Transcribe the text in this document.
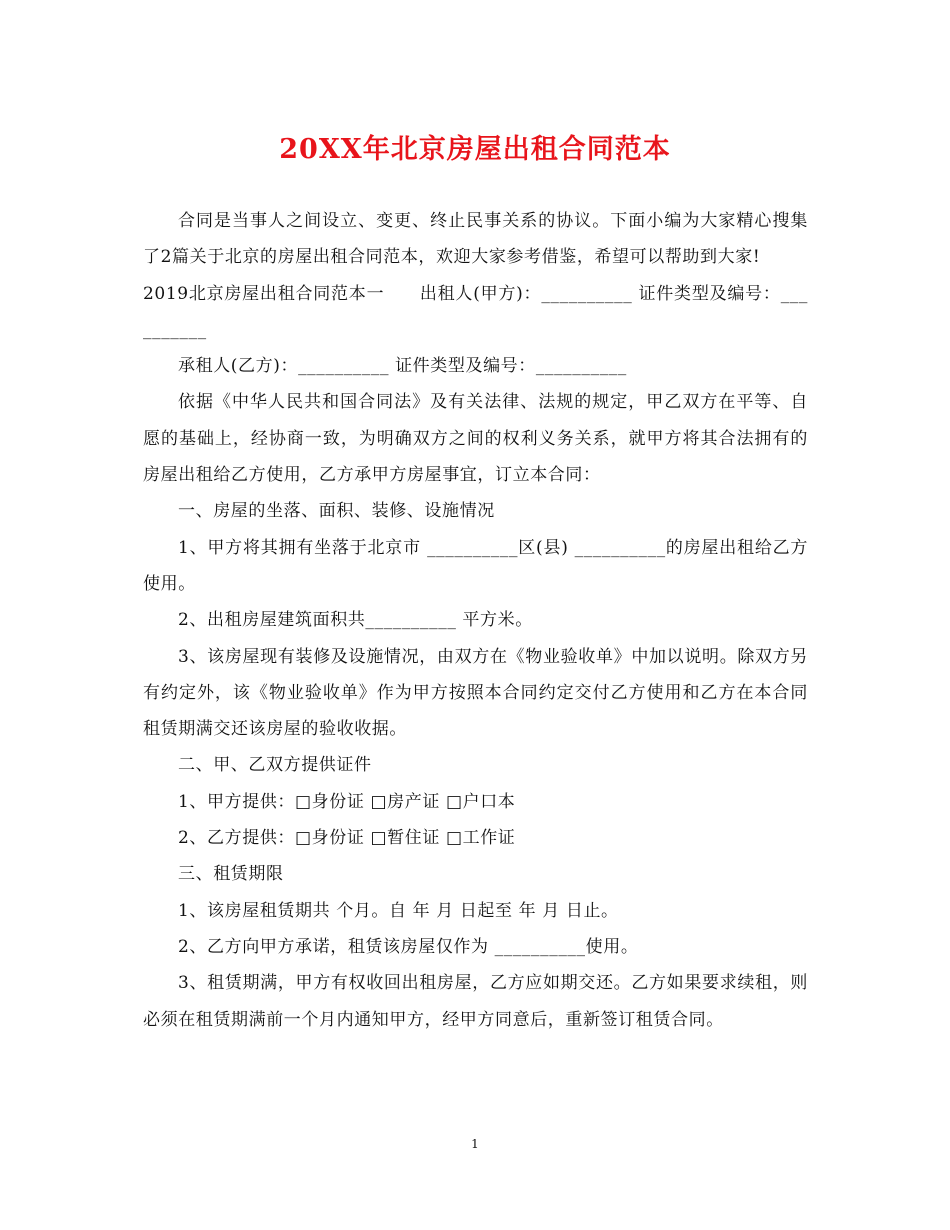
20XX年北京房屋出租合同范本

合同是当事人之间设立、变更、终止民事关系的协议。下面小编为大家精心搜集了2篇关于北京的房屋出租合同范本，欢迎大家参考借鉴，希望可以帮助到大家!

2019北京房屋出租合同范本一　　出租人(甲方)：__________ 证件类型及编号：__________

承租人(乙方)：__________ 证件类型及编号：__________

依据《中华人民共和国合同法》及有关法律、法规的规定，甲乙双方在平等、自愿的基础上，经协商一致，为明确双方之间的权利义务关系，就甲方将其合法拥有的房屋出租给乙方使用，乙方承甲方房屋事宜，订立本合同：

一、房屋的坐落、面积、装修、设施情况

1、甲方将其拥有坐落于北京市 __________区(县) __________的房屋出租给乙方使用。

2、出租房屋建筑面积共__________ 平方米。

3、该房屋现有装修及设施情况，由双方在《物业验收单》中加以说明。除双方另有约定外，该《物业验收单》作为甲方按照本合同约定交付乙方使用和乙方在本合同租赁期满交还该房屋的验收收据。

二、甲、乙双方提供证件

1、甲方提供：□身份证 □房产证 □户口本

2、乙方提供：□身份证 □暂住证 □工作证

三、租赁期限

1、该房屋租赁期共 个月。自 年 月 日起至 年 月 日止。

2、乙方向甲方承诺，租赁该房屋仅作为 __________使用。

3、租赁期满，甲方有权收回出租房屋，乙方应如期交还。乙方如果要求续租，则必须在租赁期满前一个月内通知甲方，经甲方同意后，重新签订租赁合同。

1
